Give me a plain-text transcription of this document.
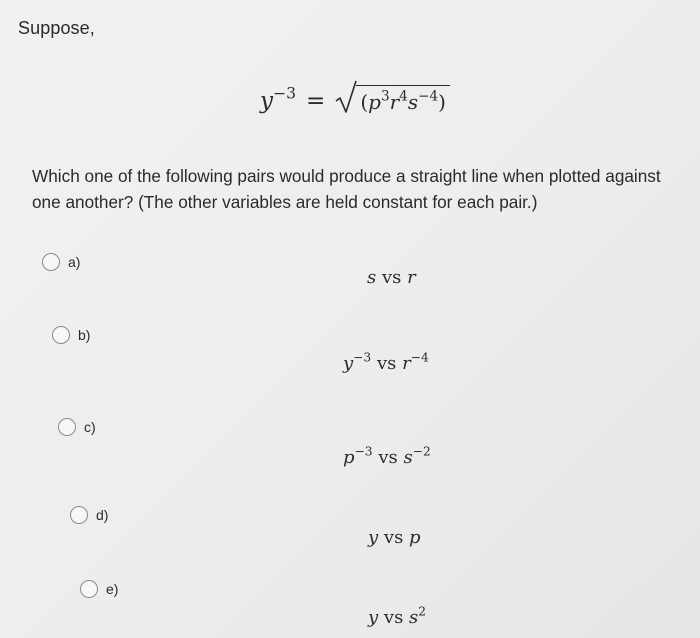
Suppose,
$y^{-3} = (p^3r^4s^{-4})$
Which one of the following pairs would produce a straight line when plotted against one another? (The other variables are held constant for each pair.)
a)
s vs r
b)
$y^{-3}$ vs $r^{-4}$
c)
$p^{-3}$ vs $s^{-2}$
d)
y vs p
e)
y vs $s^2$
